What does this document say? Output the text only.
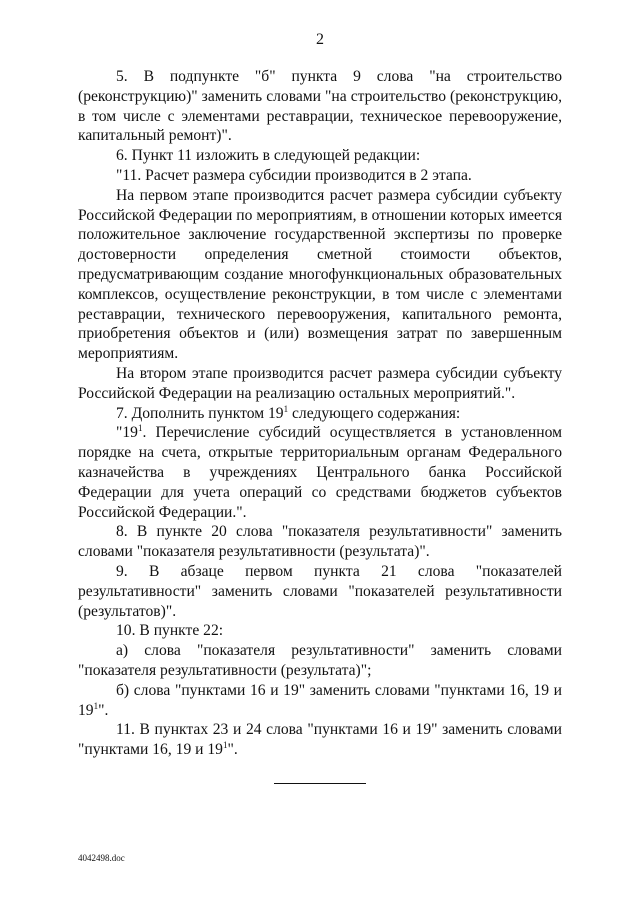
2

5. В подпункте "б" пункта 9 слова "на строительство (реконструкцию)" заменить словами "на строительство (реконструкцию, в том числе с элементами реставрации, техническое перевооружение, капитальный ремонт)".

6. Пункт 11 изложить в следующей редакции:

"11. Расчет размера субсидии производится в 2 этапа.

На первом этапе производится расчет размера субсидии субъекту Российской Федерации по мероприятиям, в отношении которых имеется положительное заключение государственной экспертизы по проверке достоверности определения сметной стоимости объектов, предусматривающим создание многофункциональных образовательных комплексов, осуществление реконструкции, в том числе с элементами реставрации, технического перевооружения, капитального ремонта, приобретения объектов и (или) возмещения затрат по завершенным мероприятиям.

На втором этапе производится расчет размера субсидии субъекту Российской Федерации на реализацию остальных мероприятий.".

7. Дополнить пунктом $19^1$ следующего содержания:

"$19^1$. Перечисление субсидий осуществляется в установленном порядке на счета, открытые территориальным органам Федерального казначейства в учреждениях Центрального банка Российской Федерации для учета операций со средствами бюджетов субъектов Российской Федерации.".

8. В пункте 20 слова "показателя результативности" заменить словами "показателя результативности (результата)".

9. В абзаце первом пункта 21 слова "показателей результативности" заменить словами "показателей результативности (результатов)".

10. В пункте 22:

а) слова "показателя результативности" заменить словами "показателя результативности (результата)";

б) слова "пунктами 16 и 19" заменить словами "пунктами 16, 19 и $19^1$".

11. В пунктах 23 и 24 слова "пунктами 16 и 19" заменить словами "пунктами 16, 19 и $19^1$".

4042498.doc
